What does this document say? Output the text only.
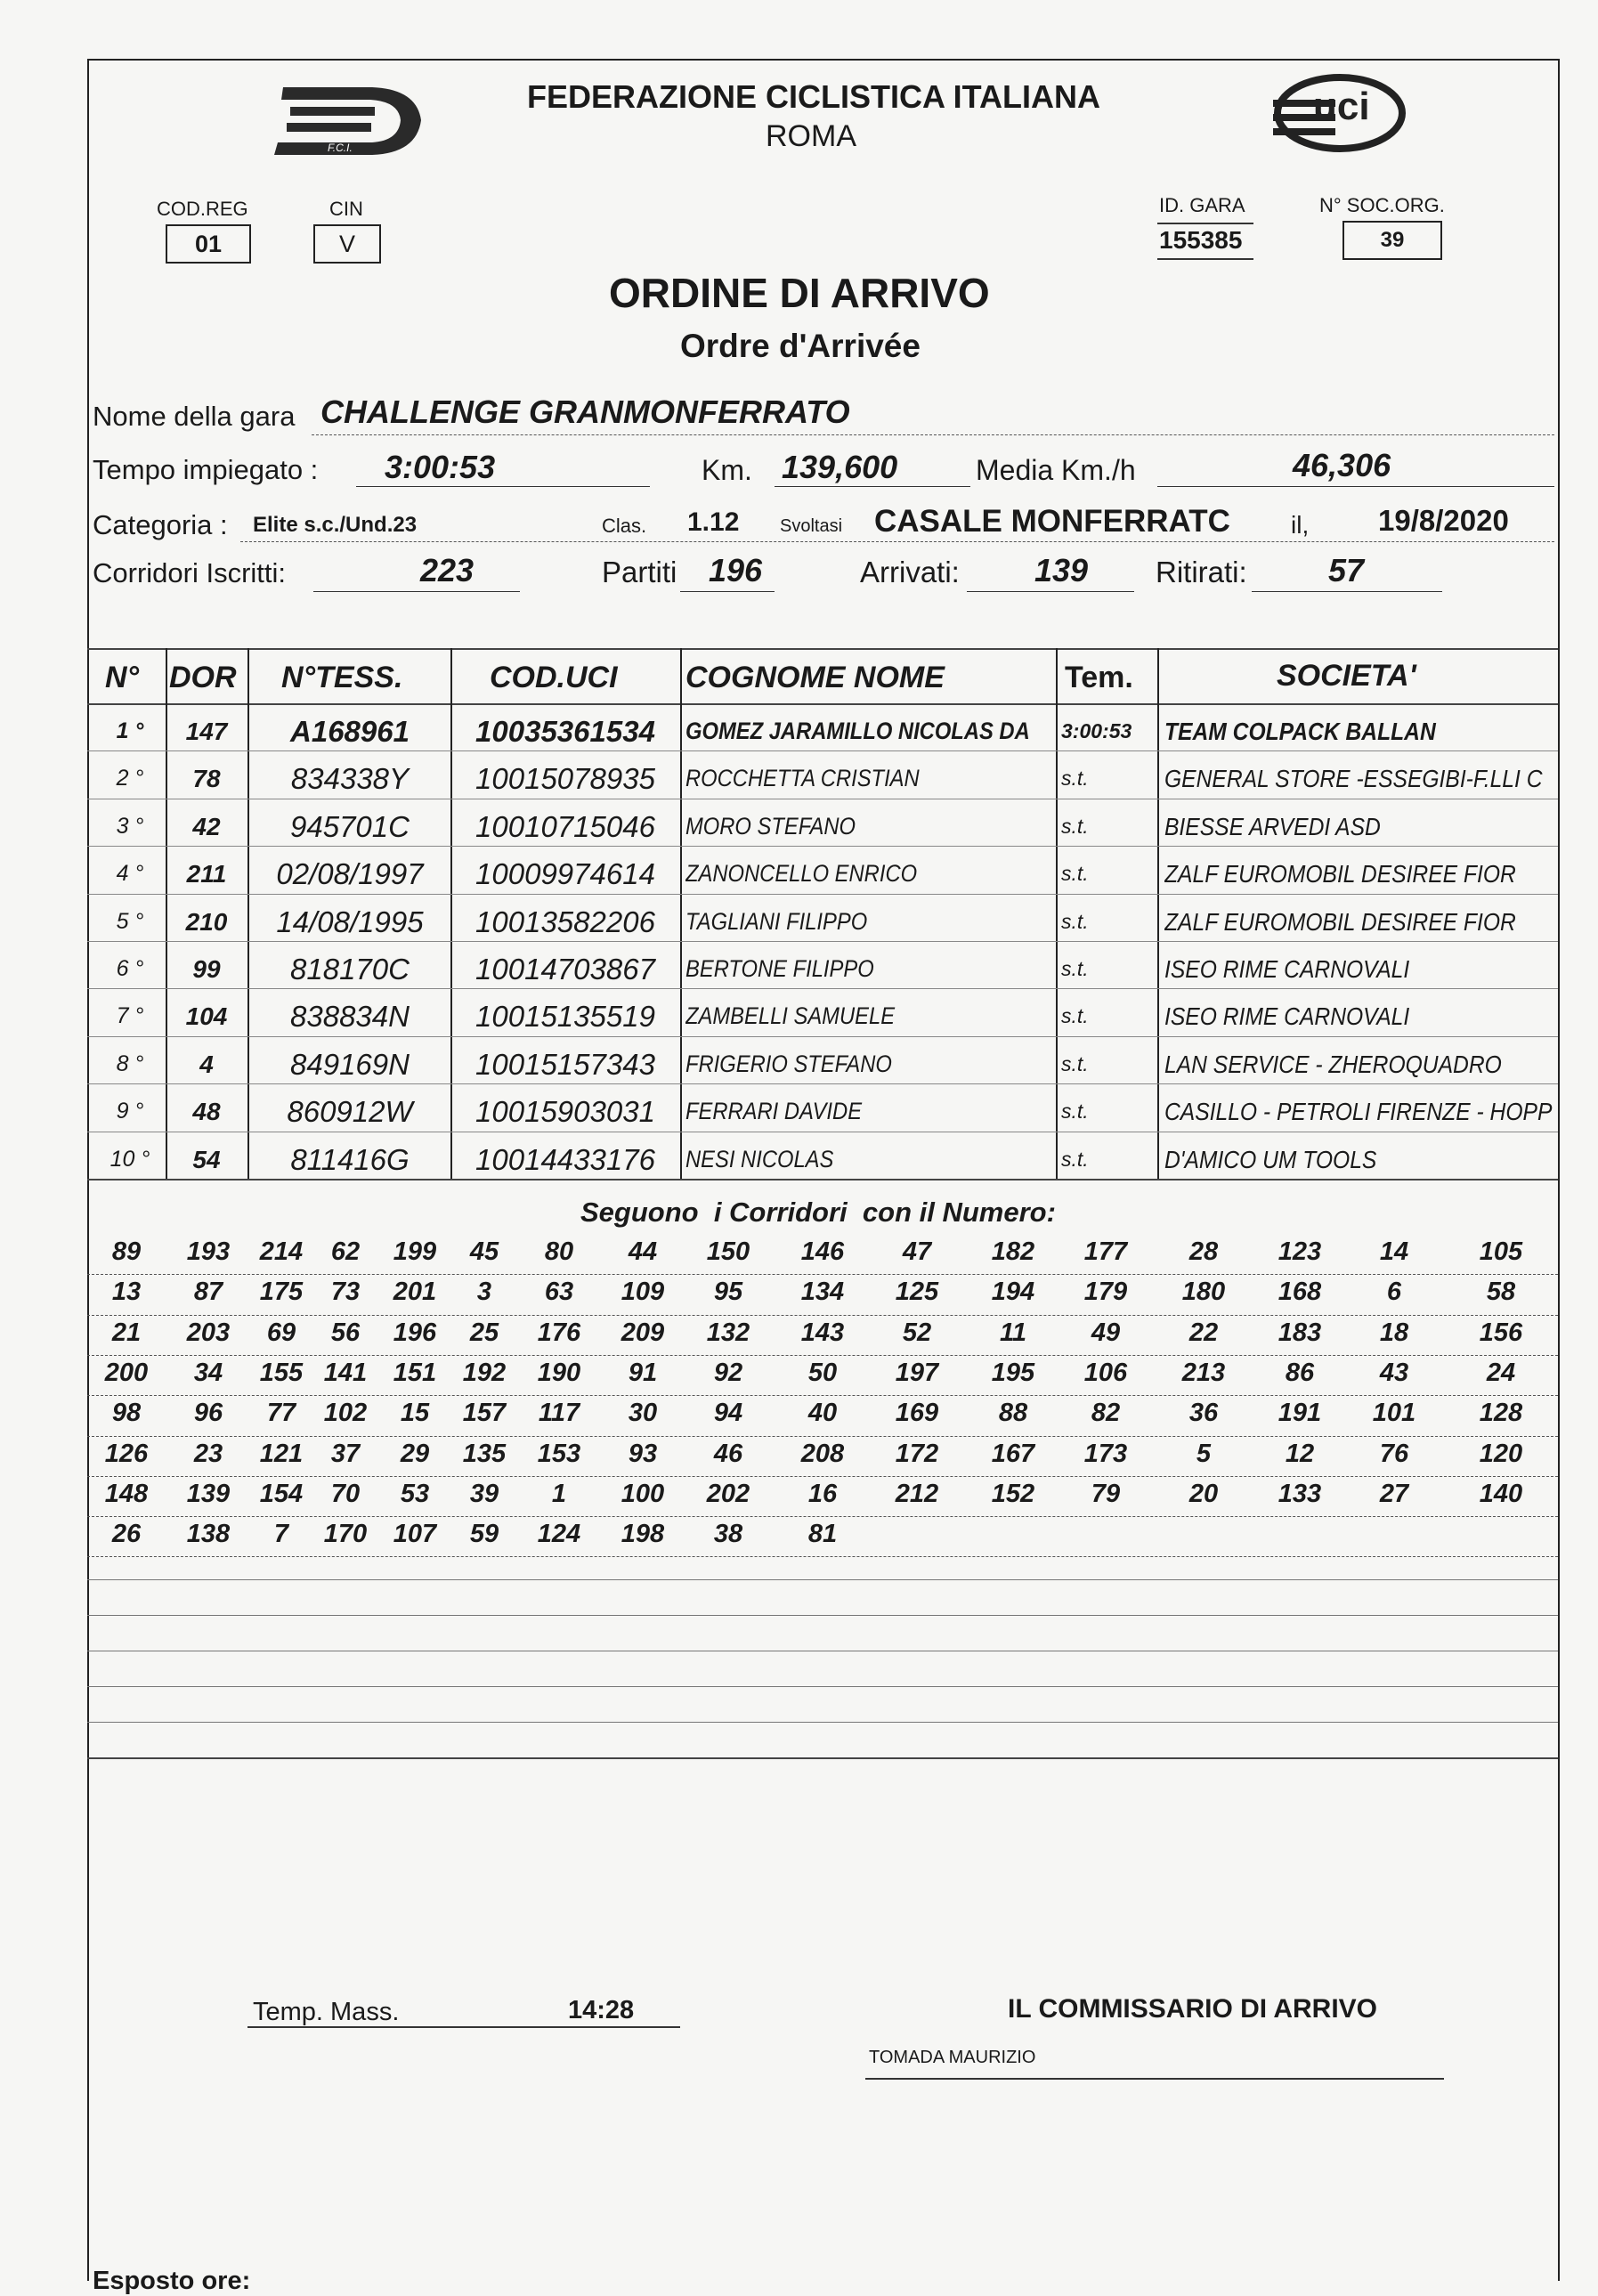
F.C.I.
FEDERAZIONE CICLISTICA ITALIANA
ROMA
uci
COD.REG
01
CIN
V
ID. GARA
155385
N° SOC.ORG.
39
ORDINE DI ARRIVO
Ordre d'Arrivée
Nome della gara CHALLENGE GRANMONFERRATO
Tempo impiegato : 3:00:53	Km. 139,600	Media Km./h	46,306
Categoria : Elite s.c./Und.23	Clas. 1.12 Svoltasi CASALE MONFERRATC il, 19/8/2020
Corridori Iscritti:	223	Partiti 196	Arrivati: 139 Ritirati:	57
N° DOR N°TESS.	COD.UCI COGNOME NOME	Tem.	SOCIETA'
1 °	147	A168961	10035361534	GOMEZ JARAMILLO NICOLAS DA	3:00:53	TEAM COLPACK BALLAN
2 °	78	834338Y	10015078935	ROCCHETTA CRISTIAN	s.t.	GENERAL STORE -ESSEGIBI-F.LLI C
3 °	42	945701C	10010715046	MORO STEFANO	s.t.	BIESSE ARVEDI ASD
4 °	211	02/08/1997	10009974614	ZANONCELLO ENRICO	s.t.	ZALF EUROMOBIL DESIREE FIOR
5 °	210	14/08/1995	10013582206	TAGLIANI FILIPPO	s.t.	ZALF EUROMOBIL DESIREE FIOR
6 °	99	818170C	10014703867	BERTONE FILIPPO	s.t.	ISEO RIME CARNOVALI
7 °	104	838834N	10015135519	ZAMBELLI SAMUELE	s.t.	ISEO RIME CARNOVALI
8 °	4	849169N	10015157343	FRIGERIO STEFANO	s.t.	LAN SERVICE - ZHEROQUADRO
9 °	48	860912W	10015903031	FERRARI DAVIDE	s.t.	CASILLO - PETROLI FIRENZE - HOPP
10 °	54	811416G	10014433176	NESI NICOLAS	s.t.	D'AMICO UM TOOLS
Seguono  i Corridori  con il Numero:
89	193	214	62	199	45	80	44	150	146	47	182	177	28	123	14	105
13	87	175	73	201	3	63	109	95	134	125	194	179	180	168	6	58
21	203	69	56	196	25	176	209	132	143	52	11	49	22	183	18	156
200	34	155 141	151	192	190	91	92	50	197	195	106	213	86	43	24
98	96	77	102	15	157	117	30	94	40	169	88	82	36	191	101	128
126	23	121	37	29	135	153	93	46	208	172	167	173	5	12	76	120
148	139	154	70	53	39	1	100	202	16	212	152	79	20	133	27	140
26	138	7	170	107	59	124	198	38	81
Temp. Mass.	14:28	IL COMMISSARIO DI ARRIVO
TOMADA MAURIZIO
Esposto ore:
